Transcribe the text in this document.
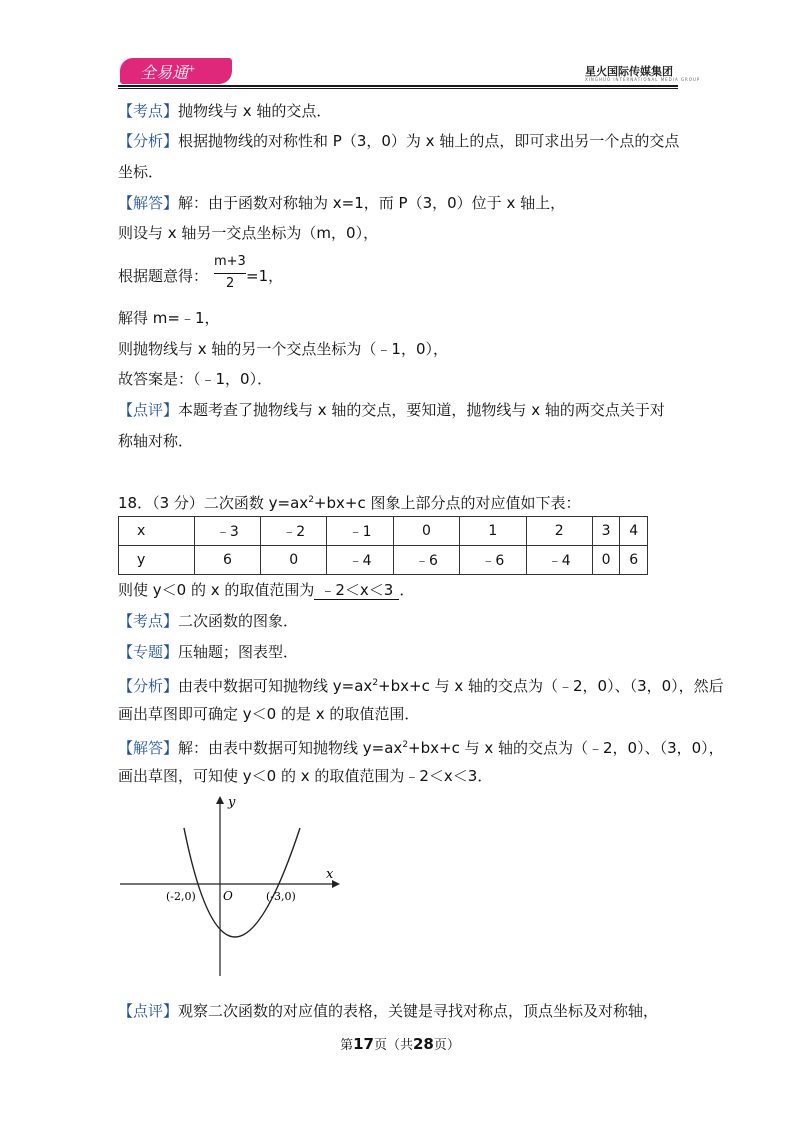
全易通+	星火国际传媒集团
XINGHUO INTERNATIONAL MEDIA GROUP
【考点】抛物线与 x 轴的交点．
【分析】根据抛物线的对称性和 P（3，0）为 x 轴上的点，即可求出另一个点的交点
坐标．
【解答】解：由于函数对称轴为 x=1，而 P（3，0）位于 x 轴上，
则设与 x 轴另一交点坐标为（m，0），
根据题意得：	=1，
m+3
2
解得 m=﹣1，
则抛物线与 x 轴的另一个交点坐标为（﹣1，0），
故答案是：（﹣1，0）．
【点评】本题考查了抛物线与 x 轴的交点，要知道，抛物线与 x 轴的两交点关于对
称轴对称．
18．（3 分）二次函数 $y=ax^2+bx+c$ 图象上部分点的对应值如下表：
x	﹣3	﹣2	﹣1	0	1	2	3	4
y	6	0	﹣4	﹣6	﹣6	﹣4	0	6
则使 y＜0 的 x 的取值范围为 ﹣2＜x＜3 ．
【考点】二次函数的图象．
【专题】压轴题；图表型．
【分析】由表中数据可知抛物线 $y=ax^2+bx+c$ 与 x 轴的交点为（﹣2，0）、（3，0），然后
画出草图即可确定 y＜0 的是 x 的取值范围．
【解答】解：由表中数据可知抛物线 $y=ax^2+bx+c$ 与 x 轴的交点为（﹣2，0）、（3，0），
画出草图，可知使 y＜0 的 x 的取值范围为﹣2＜x＜3．
y
x
O
(-2,0)	(-3,0)
【点评】观察二次函数的对应值的表格，关键是寻找对称点，顶点坐标及对称轴，
第17页（共28页）
